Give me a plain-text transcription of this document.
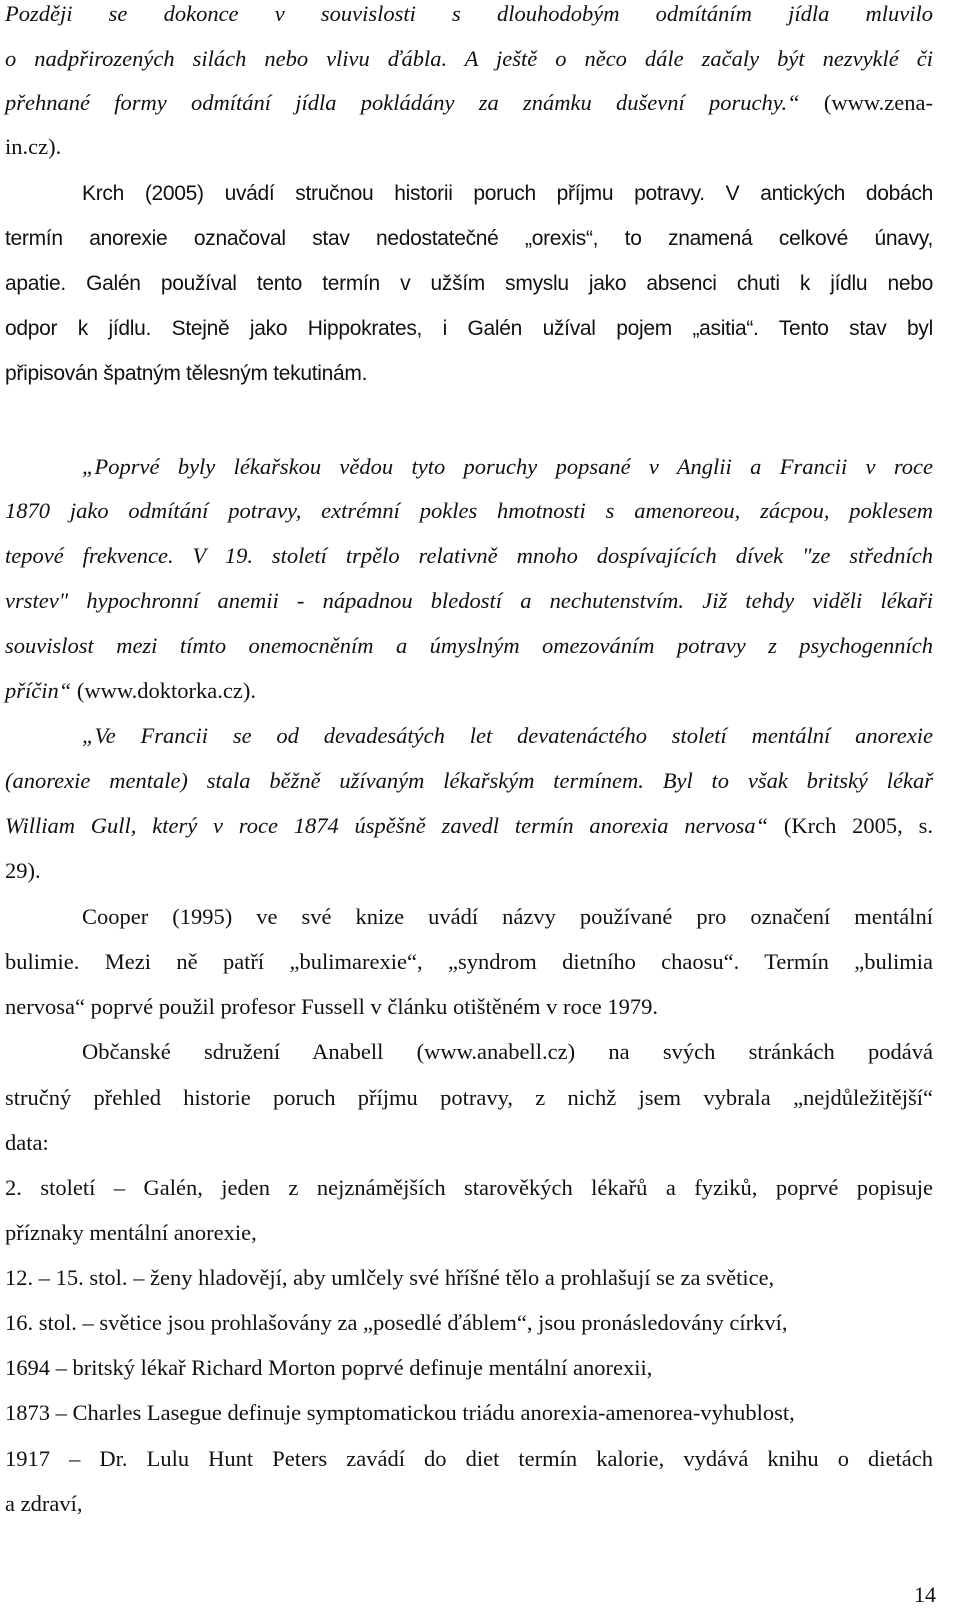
Později se dokonce v souvislosti s dlouhodobým odmítáním jídla mluvilo
o nadpřirozených silách nebo vlivu ďábla. A ještě o něco dále začaly být nezvyklé či
přehnané formy odmítání jídla pokládány za známku duševní poruchy.“ (www.zena-
in.cz).
Krch (2005) uvádí stručnou historii poruch příjmu potravy. V antických dobách
termín anorexie označoval stav nedostatečné „orexis“, to znamená celkové únavy,
apatie. Galén používal tento termín v užším smyslu jako absenci chuti k jídlu nebo
odpor k jídlu. Stejně jako Hippokrates, i Galén užíval pojem „asitia“. Tento stav byl
připisován špatným tělesným tekutinám.
„Poprvé byly lékařskou vědou tyto poruchy popsané v Anglii a Francii v roce
1870 jako odmítání potravy, extrémní pokles hmotnosti s amenoreou, zácpou, poklesem
tepové frekvence. V 19. století trpělo relativně mnoho dospívajících dívek "ze středních
vrstev" hypochronní anemii - nápadnou bledostí a nechutenstvím. Již tehdy viděli lékaři
souvislost mezi tímto onemocněním a úmyslným omezováním potravy z psychogenních
příčin“ (www.doktorka.cz).
„Ve Francii se od devadesátých let devatenáctého století mentální anorexie
(anorexie mentale) stala běžně užívaným lékařským termínem. Byl to však britský lékař
William Gull, který v roce 1874 úspěšně zavedl termín anorexia nervosa“ (Krch 2005, s.
29).
Cooper (1995) ve své knize uvádí názvy používané pro označení mentální
bulimie. Mezi ně patří „bulimarexie“, „syndrom dietního chaosu“. Termín „bulimia
nervosa“ poprvé použil profesor Fussell v článku otištěném v roce 1979.
Občanské sdružení Anabell (www.anabell.cz) na svých stránkách podává
stručný přehled historie poruch příjmu potravy, z nichž jsem vybrala „nejdůležitější“
data:
2. století – Galén, jeden z nejznámějších starověkých lékařů a fyziků, poprvé popisuje
příznaky mentální anorexie,
12. – 15. stol. – ženy hladovějí, aby umlčely své hříšné tělo a prohlašují se za světice,
16. stol. – světice jsou prohlašovány za „posedlé ďáblem“, jsou pronásledovány církví,
1694 – britský lékař Richard Morton poprvé definuje mentální anorexii,
1873 – Charles Lasegue definuje symptomatickou triádu anorexia-amenorea-vyhublost,
1917 – Dr. Lulu Hunt Peters zavádí do diet termín kalorie, vydává knihu o dietách
a zdraví,
14
